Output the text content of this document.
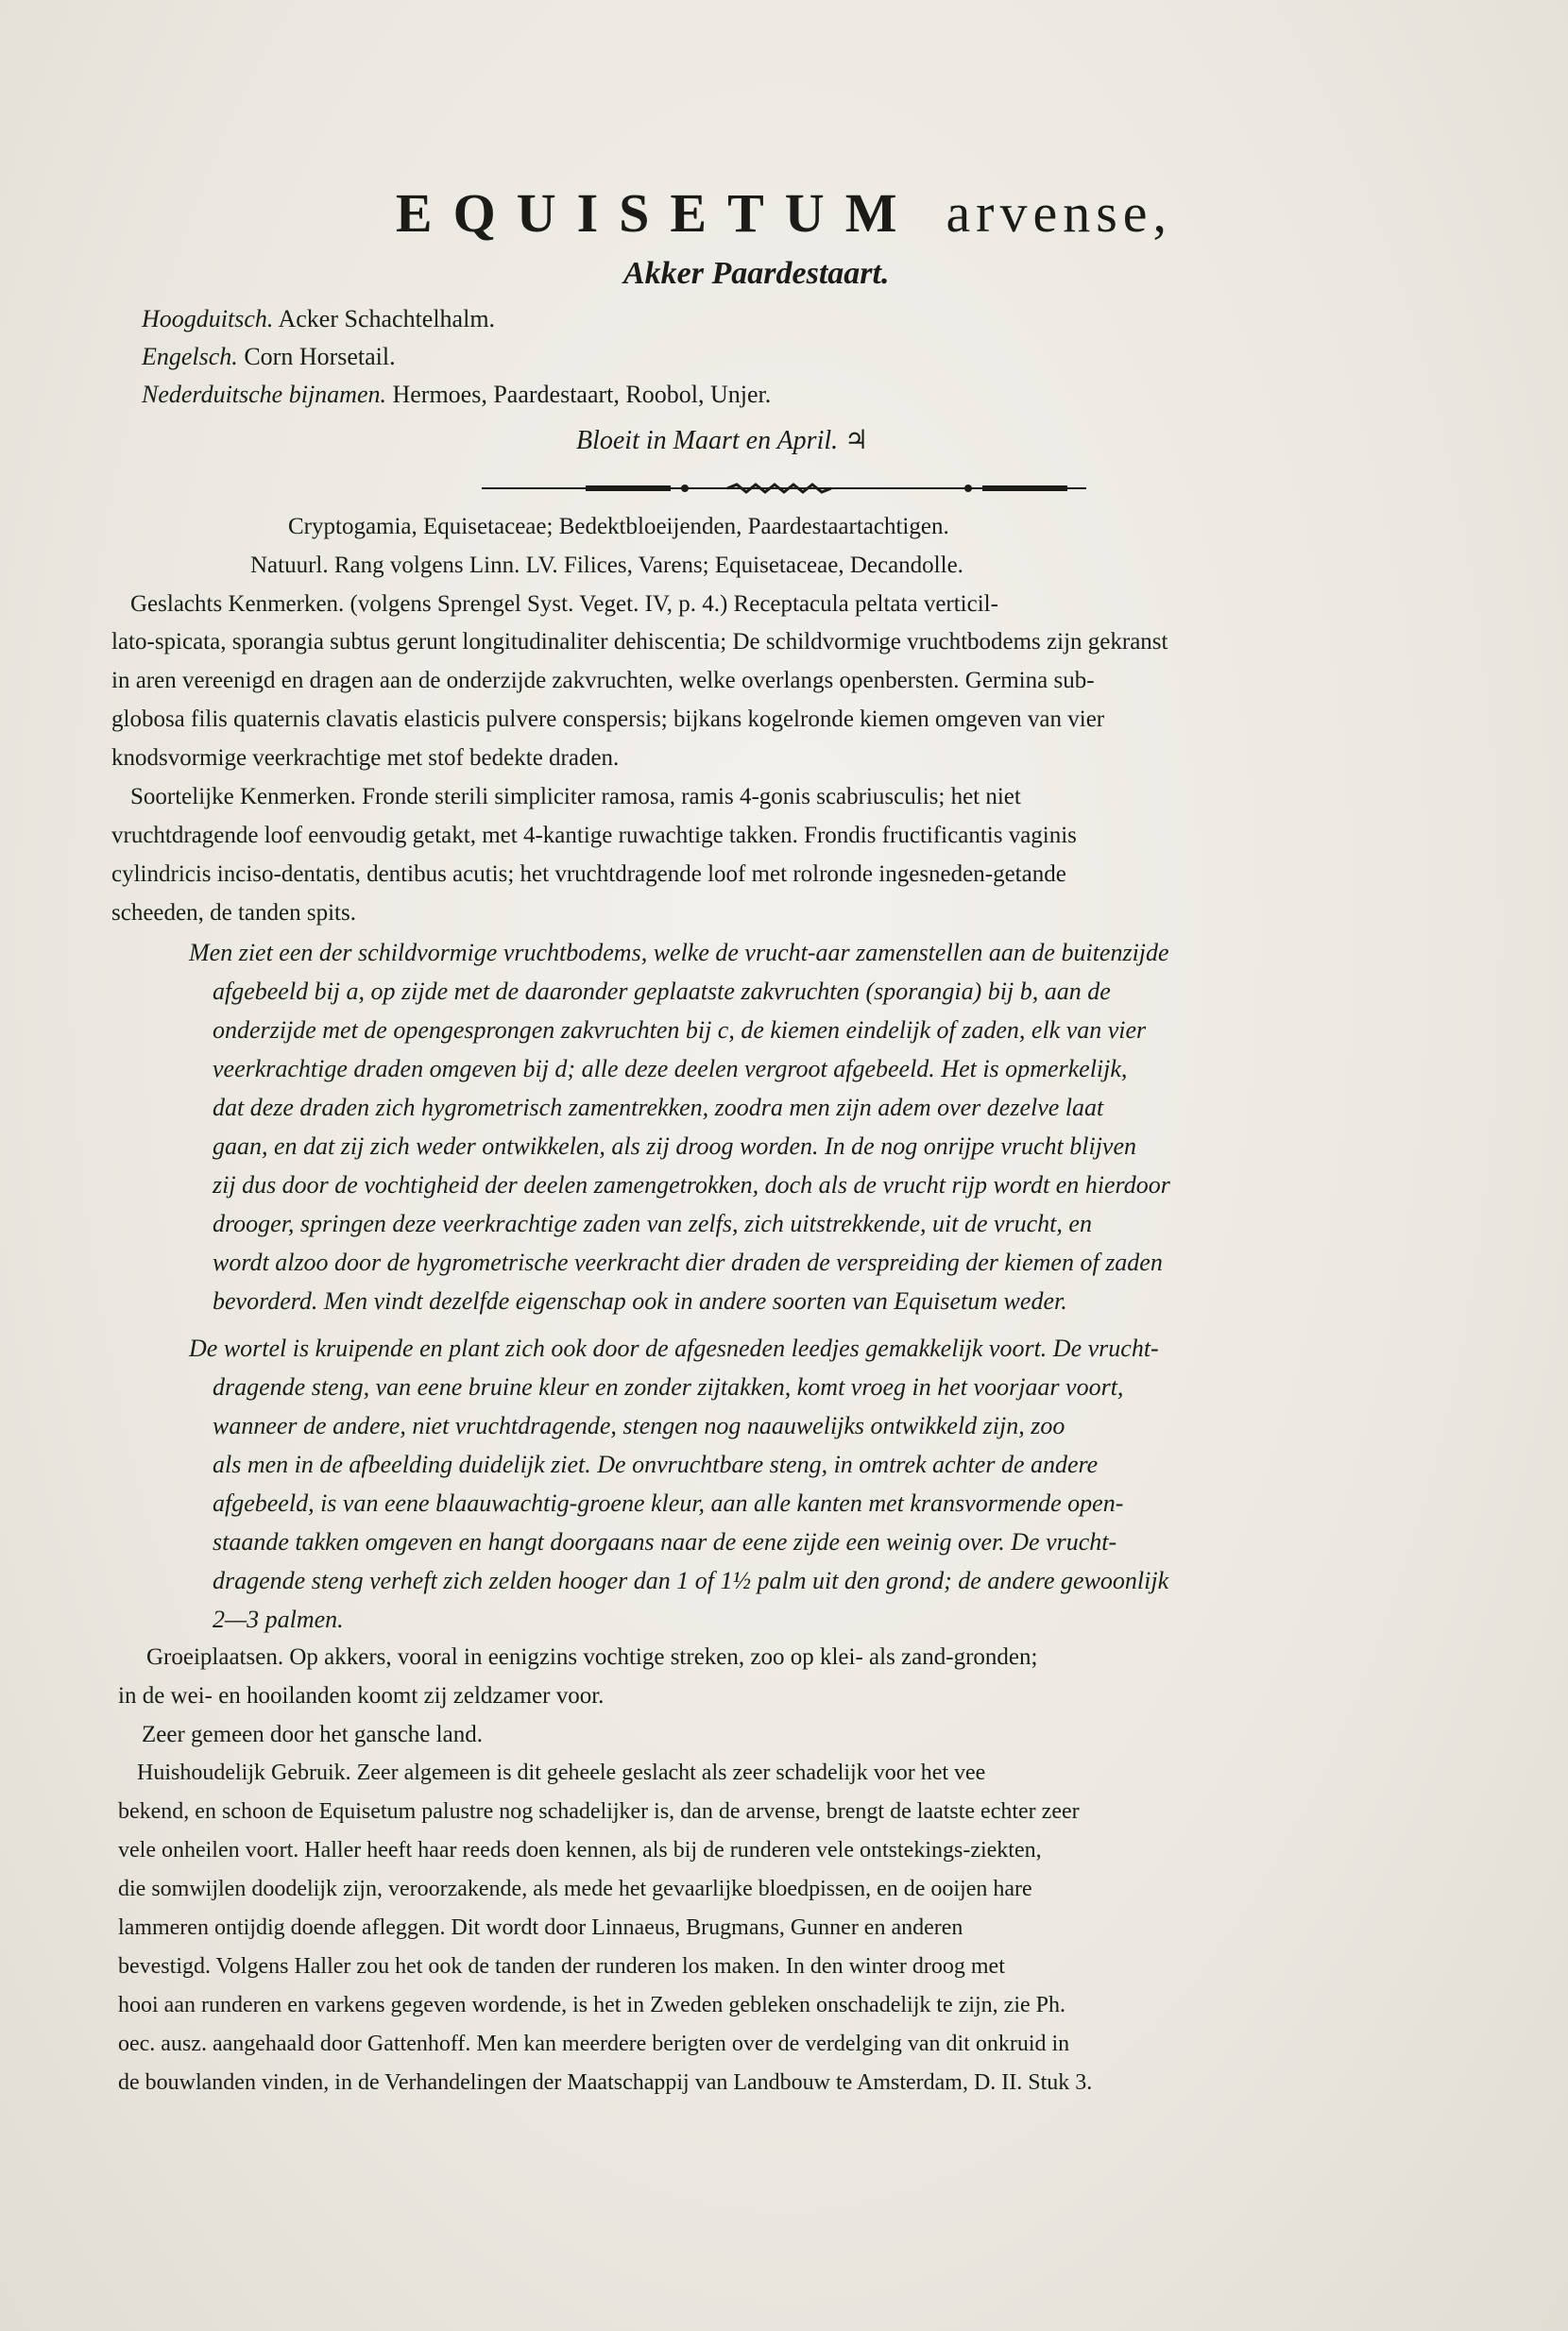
EQUISETUM arvense,
Akker Paardestaart.
Hoogduitsch. Acker Schachtelhalm.
Engelsch. Corn Horsetail.
Nederduitsche bijnamen. Hermoes, Paardestaart, Roobol, Unjer.
Bloeit in Maart en April. ♃
Cryptogamia, Equisetaceae; Bedektbloeijenden, Paardestaartachtigen.
Natuurl. Rang volgens Linn. LV. Filices, Varens; Equisetaceae, Decandolle.
Geslachts Kenmerken. (volgens Sprengel Syst. Veget. IV, p. 4.) Receptacula peltata verticil-
lato-spicata, sporangia subtus gerunt longitudinaliter dehiscentia; De schildvormige vruchtbodems zijn gekranst
in aren vereenigd en dragen aan de onderzijde zakvruchten, welke overlangs openbersten. Germina sub-
globosa filis quaternis clavatis elasticis pulvere conspersis; bijkans kogelronde kiemen omgeven van vier
knodsvormige veerkrachtige met stof bedekte draden.
Soortelijke Kenmerken. Fronde sterili simpliciter ramosa, ramis 4-gonis scabriusculis; het niet
vruchtdragende loof eenvoudig getakt, met 4-kantige ruwachtige takken. Frondis fructificantis vaginis
cylindricis inciso-dentatis, dentibus acutis; het vruchtdragende loof met rolronde ingesneden-getande
scheeden, de tanden spits.
Men ziet een der schildvormige vruchtbodems, welke de vrucht-aar zamenstellen aan de buitenzijde
afgebeeld bij a, op zijde met de daaronder geplaatste zakvruchten (sporangia) bij b, aan de
onderzijde met de opengesprongen zakvruchten bij c, de kiemen eindelijk of zaden, elk van vier
veerkrachtige draden omgeven bij d; alle deze deelen vergroot afgebeeld. Het is opmerkelijk,
dat deze draden zich hygrometrisch zamentrekken, zoodra men zijn adem over dezelve laat
gaan, en dat zij zich weder ontwikkelen, als zij droog worden. In de nog onrijpe vrucht blijven
zij dus door de vochtigheid der deelen zamengetrokken, doch als de vrucht rijp wordt en hierdoor
drooger, springen deze veerkrachtige zaden van zelfs, zich uitstrekkende, uit de vrucht, en
wordt alzoo door de hygrometrische veerkracht dier draden de verspreiding der kiemen of zaden
bevorderd. Men vindt dezelfde eigenschap ook in andere soorten van Equisetum weder.
De wortel is kruipende en plant zich ook door de afgesneden leedjes gemakkelijk voort. De vrucht-
dragende steng, van eene bruine kleur en zonder zijtakken, komt vroeg in het voorjaar voort,
wanneer de andere, niet vruchtdragende, stengen nog naauwelijks ontwikkeld zijn, zoo
als men in de afbeelding duidelijk ziet. De onvruchtbare steng, in omtrek achter de andere
afgebeeld, is van eene blaauwachtig-groene kleur, aan alle kanten met kransvormende open-
staande takken omgeven en hangt doorgaans naar de eene zijde een weinig over. De vrucht-
dragende steng verheft zich zelden hooger dan 1 of 1½ palm uit den grond; de andere gewoonlijk
2—3 palmen.
Groeiplaatsen. Op akkers, vooral in eenigzins vochtige streken, zoo op klei- als zand-gronden;
in de wei- en hooilanden koomt zij zeldzamer voor.
Zeer gemeen door het gansche land.
Huishoudelijk Gebruik. Zeer algemeen is dit geheele geslacht als zeer schadelijk voor het vee
bekend, en schoon de Equisetum palustre nog schadelijker is, dan de arvense, brengt de laatste echter zeer
vele onheilen voort. Haller heeft haar reeds doen kennen, als bij de runderen vele ontstekings-ziekten,
die somwijlen doodelijk zijn, veroorzakende, als mede het gevaarlijke bloedpissen, en de ooijen hare
lammeren ontijdig doende afleggen. Dit wordt door Linnaeus, Brugmans, Gunner en anderen
bevestigd. Volgens Haller zou het ook de tanden der runderen los maken. In den winter droog met
hooi aan runderen en varkens gegeven wordende, is het in Zweden gebleken onschadelijk te zijn, zie Ph.
oec. ausz. aangehaald door Gattenhoff. Men kan meerdere berigten over de verdelging van dit onkruid in
de bouwlanden vinden, in de Verhandelingen der Maatschappij van Landbouw te Amsterdam, D. II. Stuk 3.
